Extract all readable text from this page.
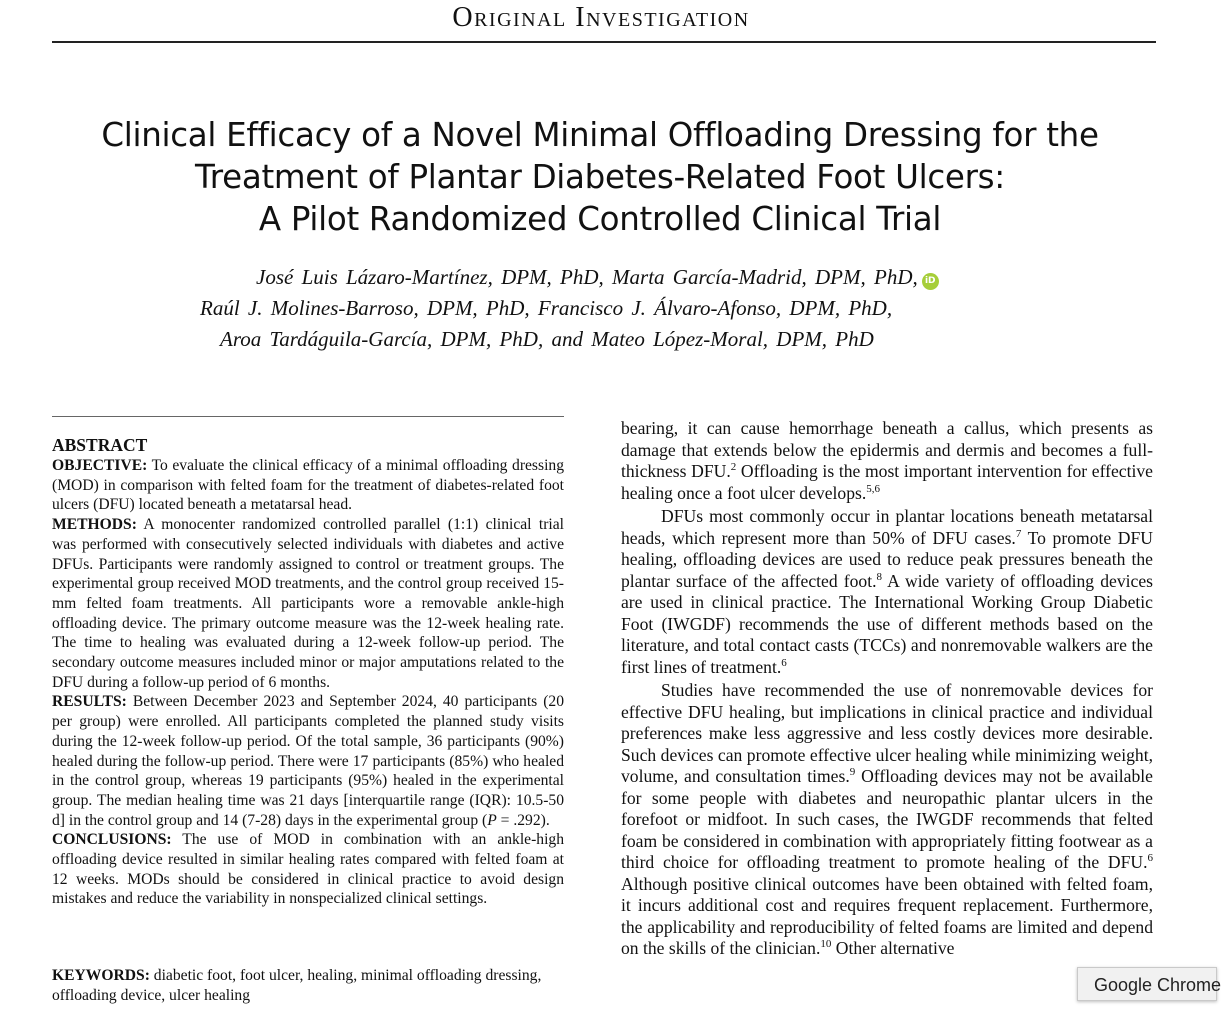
Original Investigation
Clinical Efficacy of a Novel Minimal Offloading Dressing for the
Treatment of Plantar Diabetes-Related Foot Ulcers:
A Pilot Randomized Controlled Clinical Trial
José Luis Lázaro-Martínez, DPM, PhD, Marta García-Madrid, DPM, PhD, iD
Raúl J. Molines-Barroso, DPM, PhD, Francisco J. Álvaro-Afonso, DPM, PhD,
Aroa Tardáguila-García, DPM, PhD, and Mateo López-Moral, DPM, PhD
ABSTRACT

OBJECTIVE: To evaluate the clinical efficacy of a minimal offloading dressing (MOD) in comparison with felted foam for the treatment of diabetes-related foot ulcers (DFU) located beneath a metatarsal head.

METHODS: A monocenter randomized controlled parallel (1:1) clinical trial was performed with consecutively selected individuals with diabetes and active DFUs. Participants were randomly assigned to control or treatment groups. The experimental group received MOD treatments, and the control group received 15-mm felted foam treatments. All participants wore a removable ankle-high offloading device. The primary outcome measure was the 12-week healing rate. The time to healing was evaluated during a 12-week follow-up period. The secondary outcome measures included minor or major amputations related to the DFU during a follow-up period of 6 months.

RESULTS: Between December 2023 and September 2024, 40 participants (20 per group) were enrolled. All participants completed the planned study visits during the 12-week follow-up period. Of the total sample, 36 participants (90%) healed during the follow-up period. There were 17 participants (85%) who healed in the control group, whereas 19 participants (95%) healed in the experimental group. The median healing time was 21 days [interquartile range (IQR): 10.5-50 d] in the control group and 14 (7-28) days in the experimental group (P = .292).

CONCLUSIONS: The use of MOD in combination with an ankle-high offloading device resulted in similar healing rates compared with felted foam at 12 weeks. MODs should be considered in clinical practice to avoid design mistakes and reduce the variability in nonspecialized clinical settings.

KEYWORDS: diabetic foot, foot ulcer, healing, minimal offloading dressing, offloading device, ulcer healing

bearing, it can cause hemorrhage beneath a callus, which presents as damage that extends below the epidermis and dermis and becomes a full-thickness DFU.$^2$ Offloading is the most important intervention for effective healing once a foot ulcer develops.$^{5,6}$

DFUs most commonly occur in plantar locations beneath metatarsal heads, which represent more than 50% of DFU cases.$^7$ To promote DFU healing, offloading devices are used to reduce peak pressures beneath the plantar surface of the affected foot.$^8$ A wide variety of offloading devices are used in clinical practice. The International Working Group Diabetic Foot (IWGDF) recommends the use of different methods based on the literature, and total contact casts (TCCs) and nonremovable walkers are the first lines of treatment.$^6$

Studies have recommended the use of nonremovable devices for effective DFU healing, but implications in clinical practice and individual preferences make less aggressive and less costly devices more desirable. Such devices can promote effective ulcer healing while minimizing weight, volume, and consultation times.$^9$ Offloading devices may not be available for some people with diabetes and neuropathic plantar ulcers in the forefoot or midfoot. In such cases, the IWGDF recommends that felted foam be considered in combination with appropriately fitting footwear as a third choice for offloading treatment to promote healing of the DFU.$^6$ Although positive clinical outcomes have been obtained with felted foam, it incurs additional cost and requires frequent replacement. Furthermore, the applicability and reproducibility of felted foams are limited and depend on the skills of the clinician.$^{10}$ Other alternative

Google Chrome
